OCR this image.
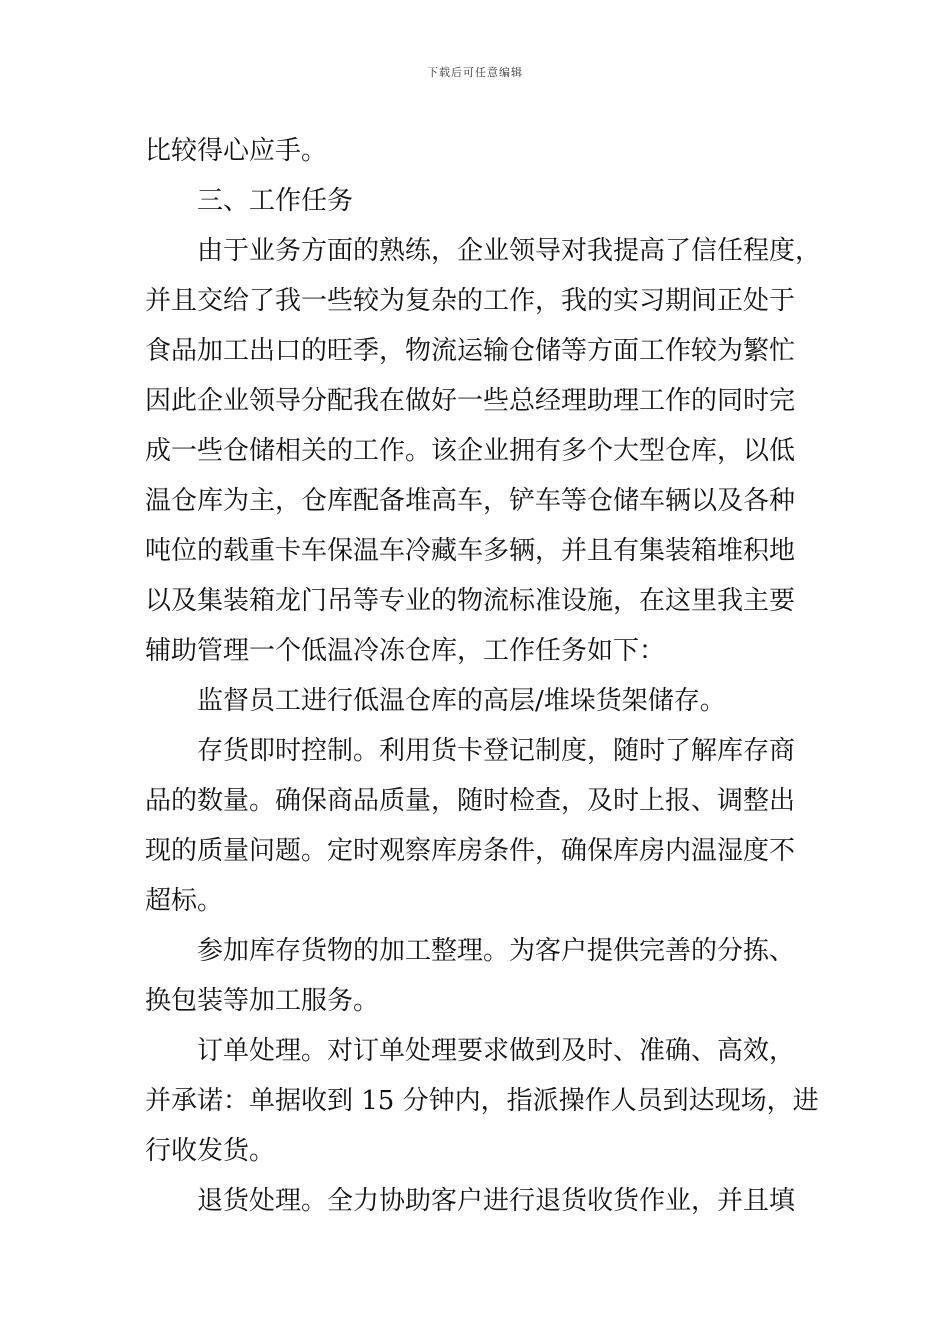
下载后可任意编辑
比较得心应手。
三、工作任务
由于业务方面的熟练，企业领导对我提高了信任程度，
并且交给了我一些较为复杂的工作，我的实习期间正处于
食品加工出口的旺季，物流运输仓储等方面工作较为繁忙
因此企业领导分配我在做好一些总经理助理工作的同时完
成一些仓储相关的工作。该企业拥有多个大型仓库，以低
温仓库为主，仓库配备堆高车，铲车等仓储车辆以及各种
吨位的载重卡车保温车冷藏车多辆，并且有集装箱堆积地
以及集装箱龙门吊等专业的物流标准设施，在这里我主要
辅助管理一个低温冷冻仓库，工作任务如下：
监督员工进行低温仓库的高层/堆垛货架储存。
存货即时控制。利用货卡登记制度，随时了解库存商
品的数量。确保商品质量，随时检查，及时上报、调整出
现的质量问题。定时观察库房条件，确保库房内温湿度不
超标。
参加库存货物的加工整理。为客户提供完善的分拣、
换包装等加工服务。
订单处理。对订单处理要求做到及时、准确、高效，
并承诺：单据收到 15 分钟内，指派操作人员到达现场，进
行收发货。
退货处理。全力协助客户进行退货收货作业，并且填
